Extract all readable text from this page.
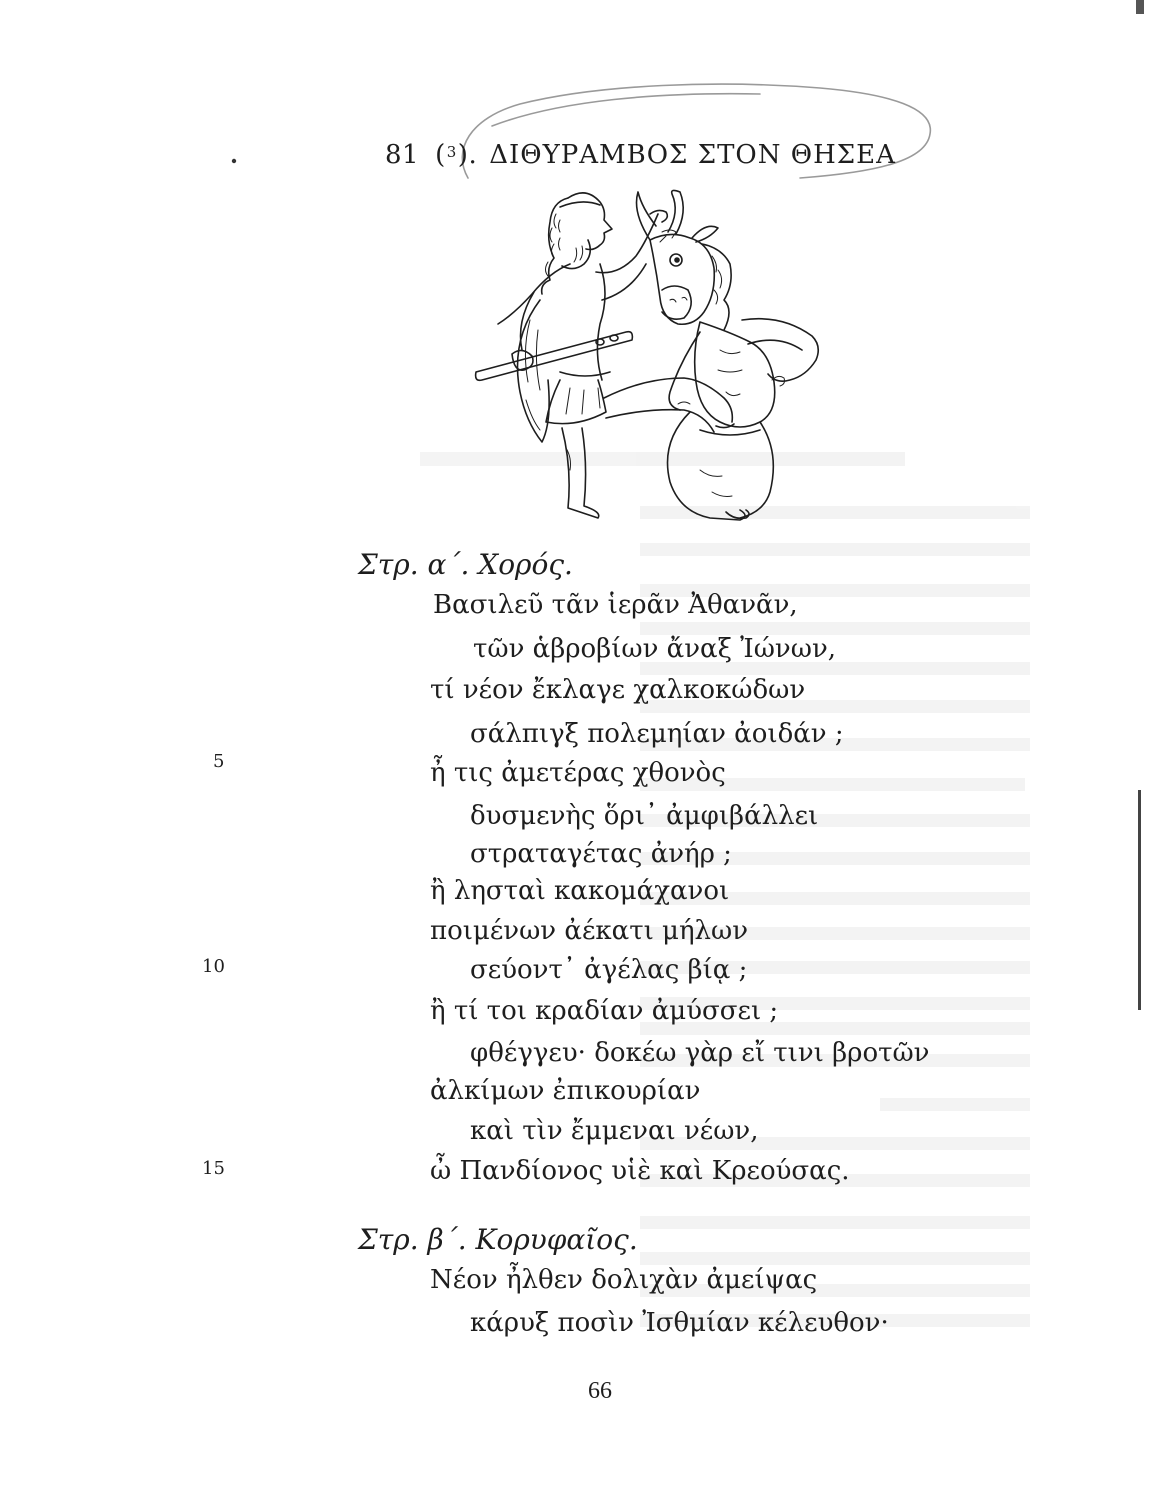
81 ( 3 ). ΔΙΘΥΡΑΜΒΟΣ ΣΤΟΝ ΘΗΣΕΑ
Στρ. α΄. Χορός.
Βασιλεῦ τᾶν ἱερᾶν Ἀθανᾶν,
τῶν ἁβροβίων ἄναξ Ἰώνων,
τί νέον ἔκλαγε χαλκοκώδων
σάλπιγξ πολεμηίαν ἀοιδάν ;
ἦ τις ἀμετέρας χθονὸς
δυσμενὴς ὅρι᾿ ἀμφιβάλλει
στραταγέτας ἀνήρ ;
ἢ λησταὶ κακομάχανοι
ποιμένων ἀέκατι μήλων
σεύοντ᾿ ἀγέλας βίᾳ ;
ἢ τί τοι κραδίαν ἀμύσσει ;
φθέγγευ· δοκέω γὰρ εἴ τινι βροτῶν
ἀλκίμων ἐπικουρίαν
καὶ τὶν ἔμμεναι νέων,
ὦ Πανδίονος υἱὲ καὶ Κρεούσας.
5
10
15
Στρ. β΄. Κορυφαῖος.
Νέον ἦλθεν δολιχὰν ἀμείψας
κάρυξ ποσὶν Ἰσθμίαν κέλευθον·
66
